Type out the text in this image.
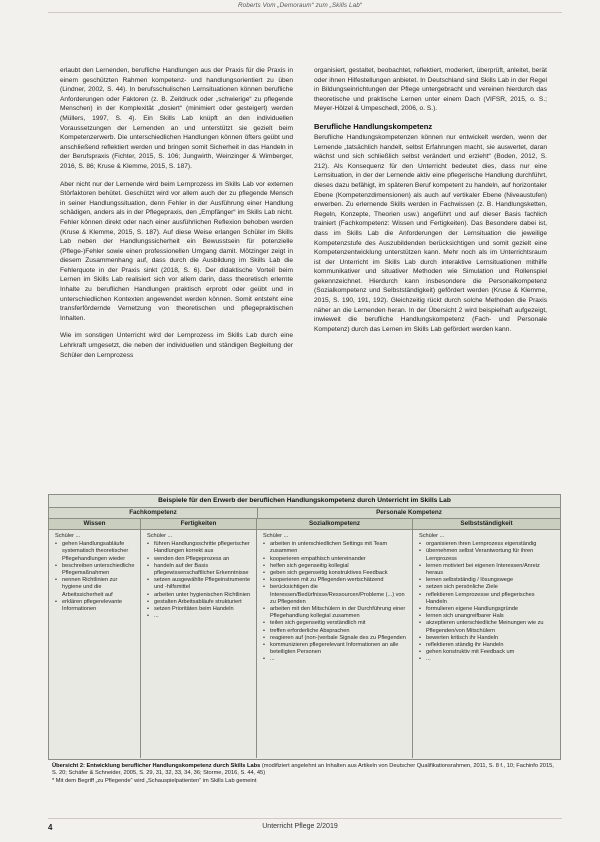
Roberts Vom „Demoraum“ zum „Skills Lab“

erlaubt den Lernenden, berufliche Handlungen aus der Praxis für die Praxis in einem geschützten Rahmen kompetenz- und handlungsorientiert zu üben (Lindner, 2002, S. 44). In berufsschulischen Lernsituationen können berufliche Anforderungen oder Faktoren (z. B. Zeitdruck oder „schwierige“ zu pflegende Menschen) in der Komplexität „dosiert“ (minimiert oder gesteigert) werden (Müllers, 1997, S. 4). Ein Skills Lab knüpft an den individuellen Voraussetzungen der Lernenden an und unterstützt sie gezielt beim Kompetenzerwerb. Die unterschiedlichen Handlungen können öfters geübt und anschließend reflektiert werden und bringen somit Sicherheit in das Handeln in der Berufspraxis (Fichter, 2015, S. 106; Jungwirth, Weinzinger & Wimberger, 2016, S. 86; Kruse & Klemme, 2015, S. 187).

Aber nicht nur der Lernende wird beim Lernprozess im Skills Lab vor externen Störfaktoren behütet. Geschützt wird vor allem auch der zu pflegende Mensch in seiner Handlungssituation, denn Fehler in der Ausführung einer Handlung schädigen, anders als in der Pflegepraxis, den „Empfänger“ im Skills Lab nicht. Fehler können direkt oder nach einer ausführlichen Reflexion behoben werden (Kruse & Klemme, 2015, S. 187). Auf diese Weise erlangen Schüler im Skills Lab neben der Handlungssicherheit ein Bewusstsein für potenzielle (Pflege-)Fehler sowie einen professionellen Umgang damit. Mötzinger zeigt in diesem Zusammenhang auf, dass durch die Ausbildung im Skills Lab die Fehlerquote in der Praxis sinkt (2018, S. 6). Der didaktische Vorteil beim Lernen im Skills Lab realisiert sich vor allem darin, dass theoretisch erlernte Inhalte zu beruflichen Handlungen praktisch erprobt oder geübt und in unterschiedlichen Kontexten angewendet werden können. Somit entsteht eine transferfördernde Vernetzung von theoretischen und pflegepraktischen Inhalten.

Wie im sonstigen Unterricht wird der Lernprozess im Skills Lab durch eine Lehrkraft umgesetzt, die neben der individuellen und ständigen Begleitung der Schüler den Lernprozess

organisiert, gestaltet, beobachtet, reflektiert, moderiert, überprüft, anleitet, berät oder ihnen Hilfestellungen anbietet. In Deutschland sind Skills Lab in der Regel in Bildungseinrichtungen der Pflege untergebracht und vereinen hierdurch das theoretische und praktische Lernen unter einem Dach (VIFSR, 2015, o. S.; Meyer-Hölzel & Umpeschedl, 2006, o. S.).

Berufliche Handlungskompetenz

Berufliche Handlungskompetenzen können nur entwickelt werden, wenn der Lernende „tatsächlich handelt, selbst Erfahrungen macht, sie auswertet, daran wächst und sich schließlich selbst verändert und erzieht“ (Boden, 2012, S. 212). Als Konsequenz für den Unterricht bedeutet dies, dass nur eine Lernsituation, in der der Lernende aktiv eine pflegerische Handlung durchführt, dieses dazu befähigt, im späteren Beruf kompetent zu handeln, auf horizontaler Ebene (Kompetenzdimensionen) als auch auf vertikaler Ebene (Niveaustufen) erwerben. Zu erlernende Skills werden in Fachwissen (z. B. Handlungsketten, Regeln, Konzepte, Theorien usw.) angeführt und auf dieser Basis fachlich trainiert (Fachkompetenz: Wissen und Fertigkeiten). Das Besondere dabei ist, dass im Skills Lab die Anforderungen der Lernsituation die jeweilige Kompetenzstufe des Auszubildenden berücksichtigen und somit gezielt eine Kompetenzentwicklung unterstützen kann. Mehr noch als im Unterrichtsraum ist der Unterricht im Skills Lab durch interaktive Lernsituationen mithilfe kommunikativer und situativer Methoden wie Simulation und Rollenspiel gekennzeichnet. Hierdurch kann insbesondere die Personalkompetenz (Sozialkompetenz und Selbstständigkeit) gefördert werden (Kruse & Klemme, 2015, S. 190, 191, 192). Gleichzeitig rückt durch solche Methoden die Praxis näher an die Lernenden heran. In der Übersicht 2 wird beispielhaft aufgezeigt, inwieweit die berufliche Handlungskompetenz (Fach- und Personale Kompetenz) durch das Lernen im Skills Lab gefördert werden kann.

Beispiele für den Erwerb der beruflichen Handlungskompetenz durch Unterricht im Skills Lab
Fachkompetenz	Personale Kompetenz
Wissen	Fertigkeiten	Sozialkompetenz	Selbstständigkeit
Schüler ...
• gehen Handlungsabläufe systematisch theoretischer Pflegehandlungen wieder
• beschreiben unterschiedliche Pflegemaßnahmen
• nennen Richtlinien zur hygiene und die Arbeitssicherheit auf
• erklären pflegerelevante Informationen
Schüler ...
• führen Handlungsschritte pflegerischer Handlungen korrekt aus
• wenden den Pflegeprozess an
• handeln auf der Basis pflegewissenschaftlicher Erkenntnisse
• setzen ausgewählte Pflegeinstrumente und -hilfsmittel
• arbeiten unter hygienischen Richtlinien
• gestalten Arbeitsabläufe strukturiert
• setzen Prioritäten beim Handeln
• ...
Schüler ...
• arbeiten in unterschiedlichen Settings mit Team zusammen
• kooperieren empathisch untereinander
• helfen sich gegenseitig kollegial
• geben sich gegenseitig konstruktives Feedback
• kooperieren mit zu Pflegenden wertschätzend
• berücksichtigen die Interessen/Bedürfnisse/Ressourcen/Probleme (...) von zu Pflegenden
• arbeiten mit den Mitschülern in der Durchführung einer Pflegehandlung kollegial zusammen
• teilen sich gegenseitig verständlich mit
• treffen erforderliche Absprachen
• reagieren auf (non-)verbale Signale des zu Pflegenden
• kommunizieren pflegerelevant Informationen an alle beteiligten Personen
• ...
Schüler ...
• organisieren ihren Lernprozess eigenständig
• übernehmen selbst Verantwortung für ihren Lernprozess
• lernen motiviert bei eigenen Interessen/Anreiz heraus
• lernen selbstständig / lösungswege
• setzen sich persönliche Ziele
• reflektieren Lernprozesse und pflegerisches Handeln
• formulieren eigene Handlungsgründe
• lernen sich unangreifbarer Hals
• akzeptieren unterschiedliche Meinungen wie zu Pflegenden/von Mitschülern
• bewerten kritisch ihr Handeln
• reflektieren ständig ihr Handeln
• gehen konstruktiv mit Feedback um
• ...
Übersicht 2: Entwicklung beruflicher Handlungskompetenz durch Skills Labs (modifiziert angelehnt an Inhalten aus Artikeln von Deutscher Qualifikationsrahmen, 2011, S. 8 f., 10; Fachinfo 2015, S. 20; Schäfer & Schneider, 2005, S. 29, 31, 32, 33, 34, 36; Storme, 2016, S. 44, 45)
* Mit dem Begriff „zu Pflegende“ wird „Schauspielpatienten“ im Skills Lab gemeint
4	Unterricht Pflege 2/2019
